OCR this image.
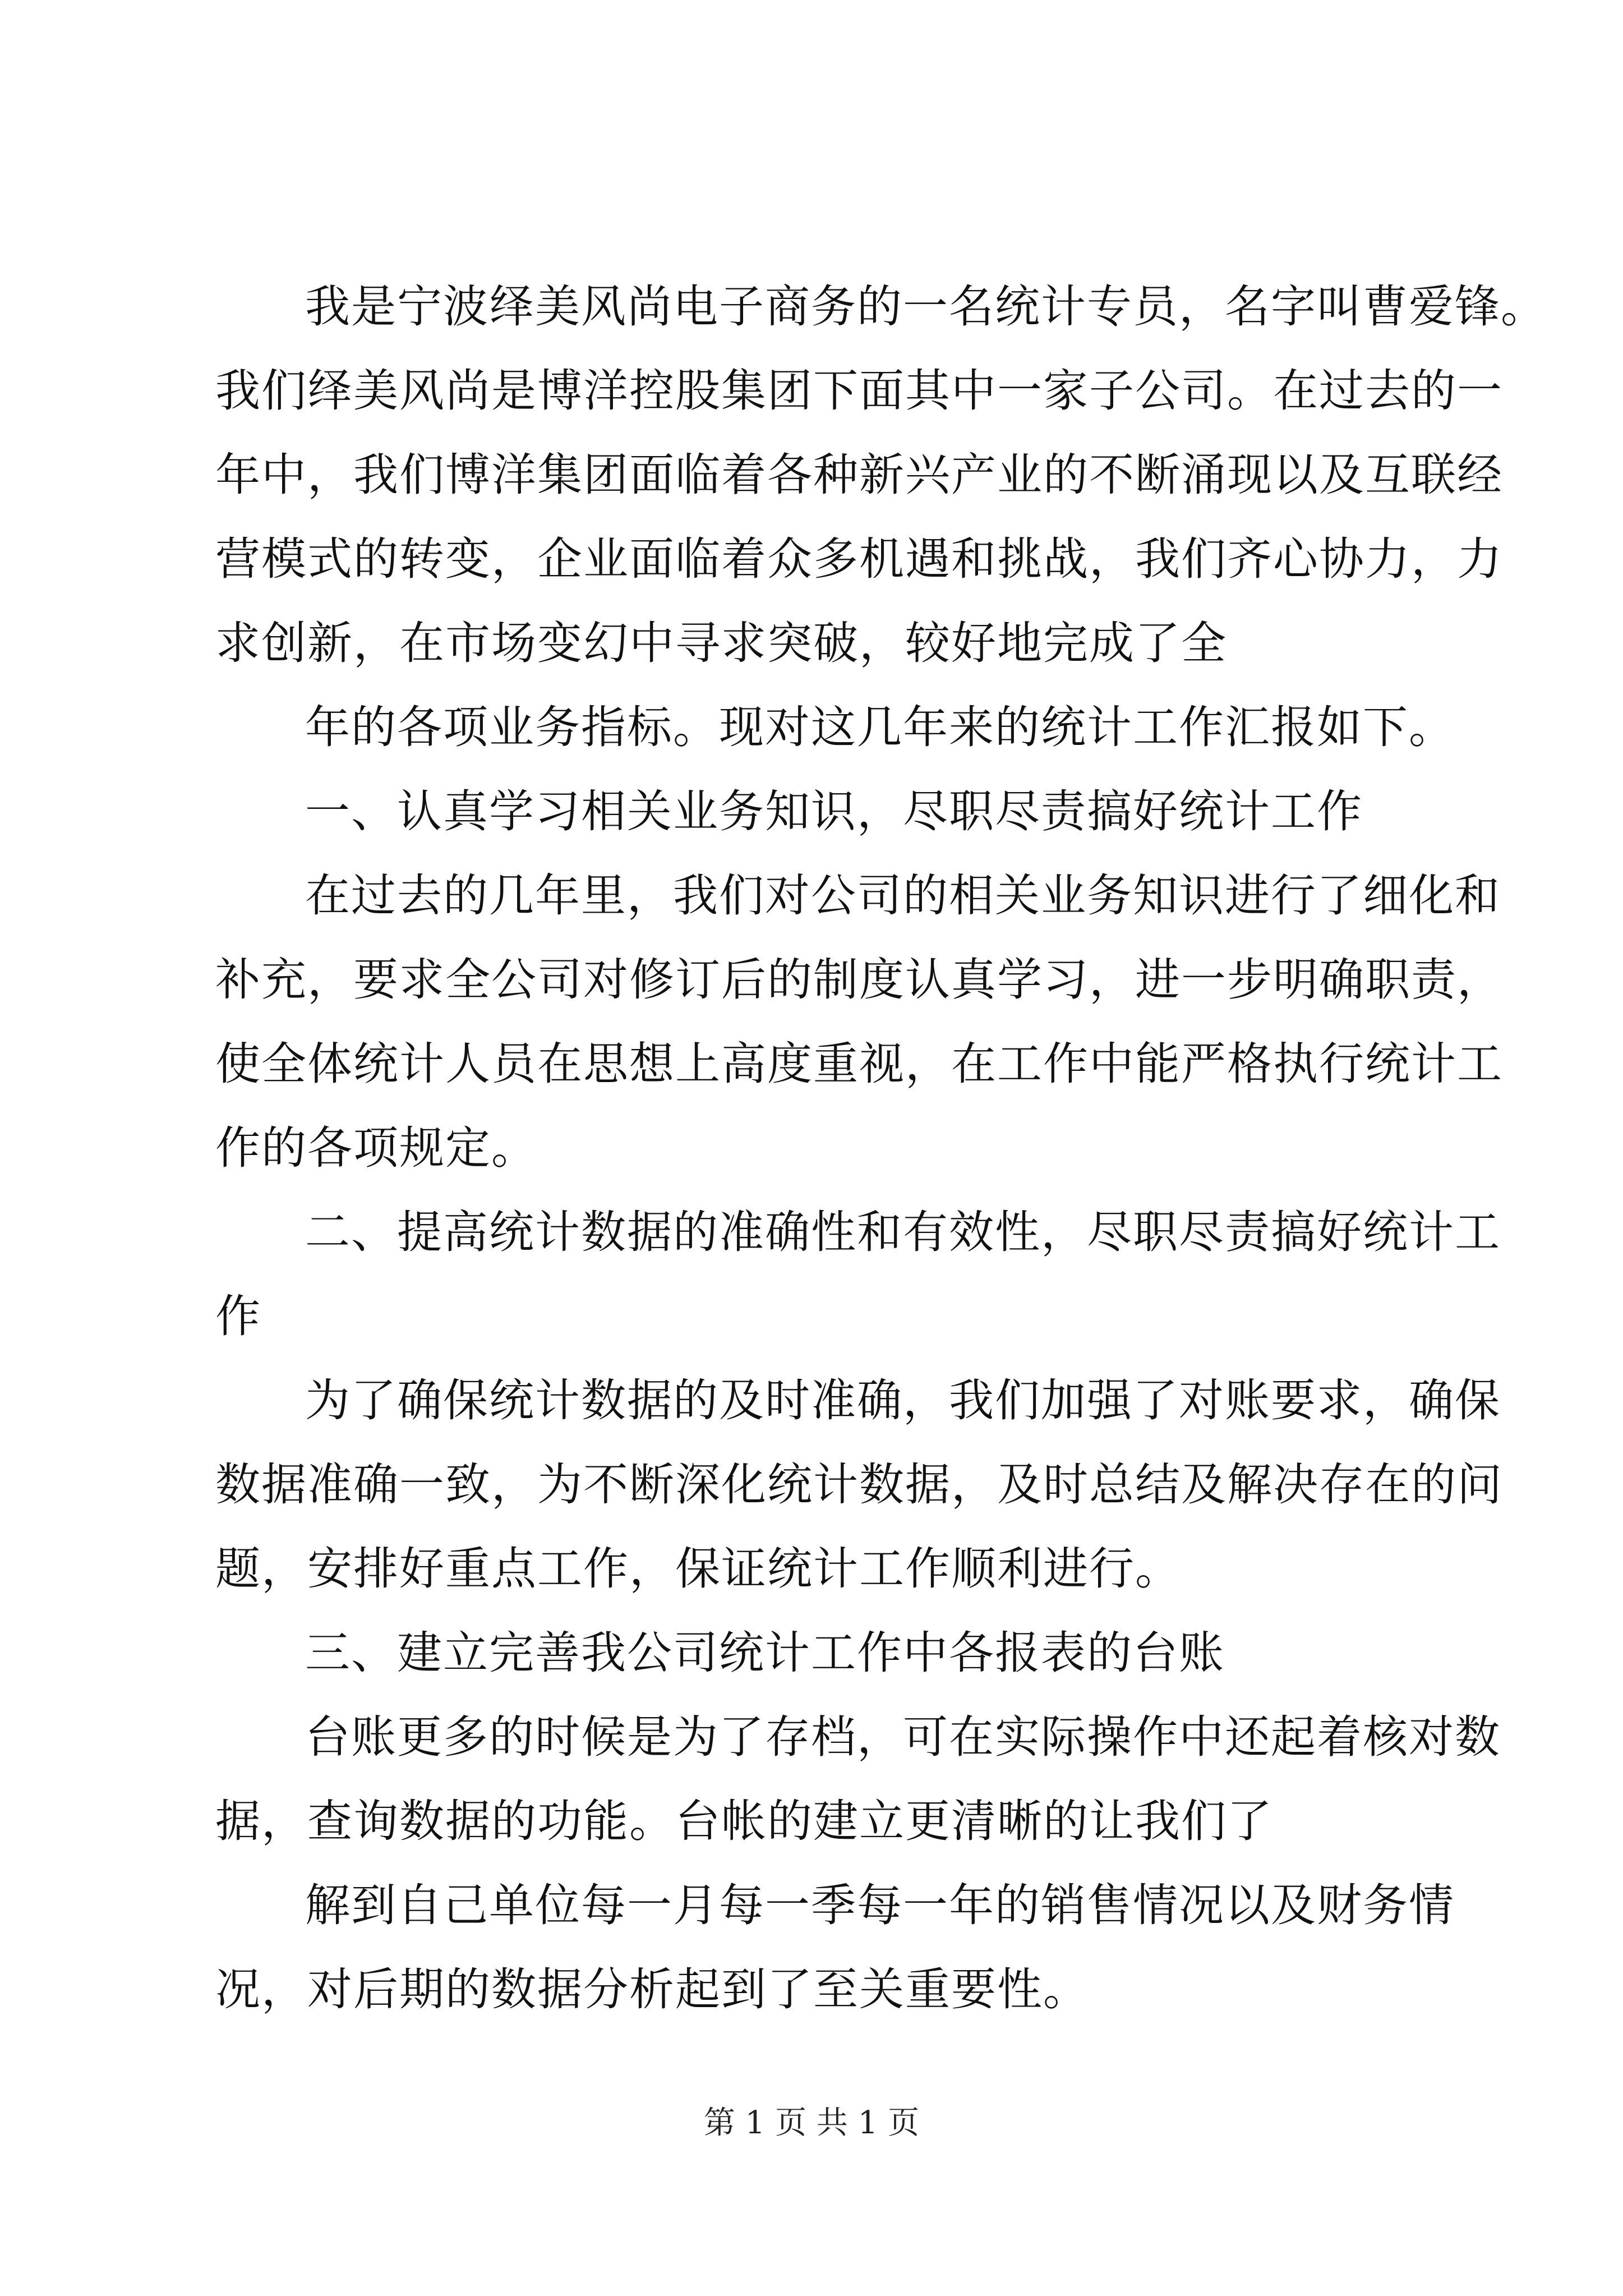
我是宁波绎美风尚电子商务的一名统计专员，名字叫曹爱锋。
我们绎美风尚是博洋控股集团下面其中一家子公司。在过去的一
年中，我们博洋集团面临着各种新兴产业的不断涌现以及互联经
营模式的转变，企业面临着众多机遇和挑战，我们齐心协力，力
求创新，在市场变幻中寻求突破，较好地完成了全
年的各项业务指标。现对这几年来的统计工作汇报如下。
一、认真学习相关业务知识，尽职尽责搞好统计工作
在过去的几年里，我们对公司的相关业务知识进行了细化和
补充，要求全公司对修订后的制度认真学习，进一步明确职责，
使全体统计人员在思想上高度重视，在工作中能严格执行统计工
作的各项规定。
二、提高统计数据的准确性和有效性，尽职尽责搞好统计工
作
为了确保统计数据的及时准确，我们加强了对账要求，确保
数据准确一致，为不断深化统计数据，及时总结及解决存在的问
题，安排好重点工作，保证统计工作顺利进行。
三、建立完善我公司统计工作中各报表的台账
台账更多的时候是为了存档，可在实际操作中还起着核对数
据，查询数据的功能。台帐的建立更清晰的让我们了
解到自己单位每一月每一季每一年的销售情况以及财务情
况，对后期的数据分析起到了至关重要性。
第 1 页 共 1 页
